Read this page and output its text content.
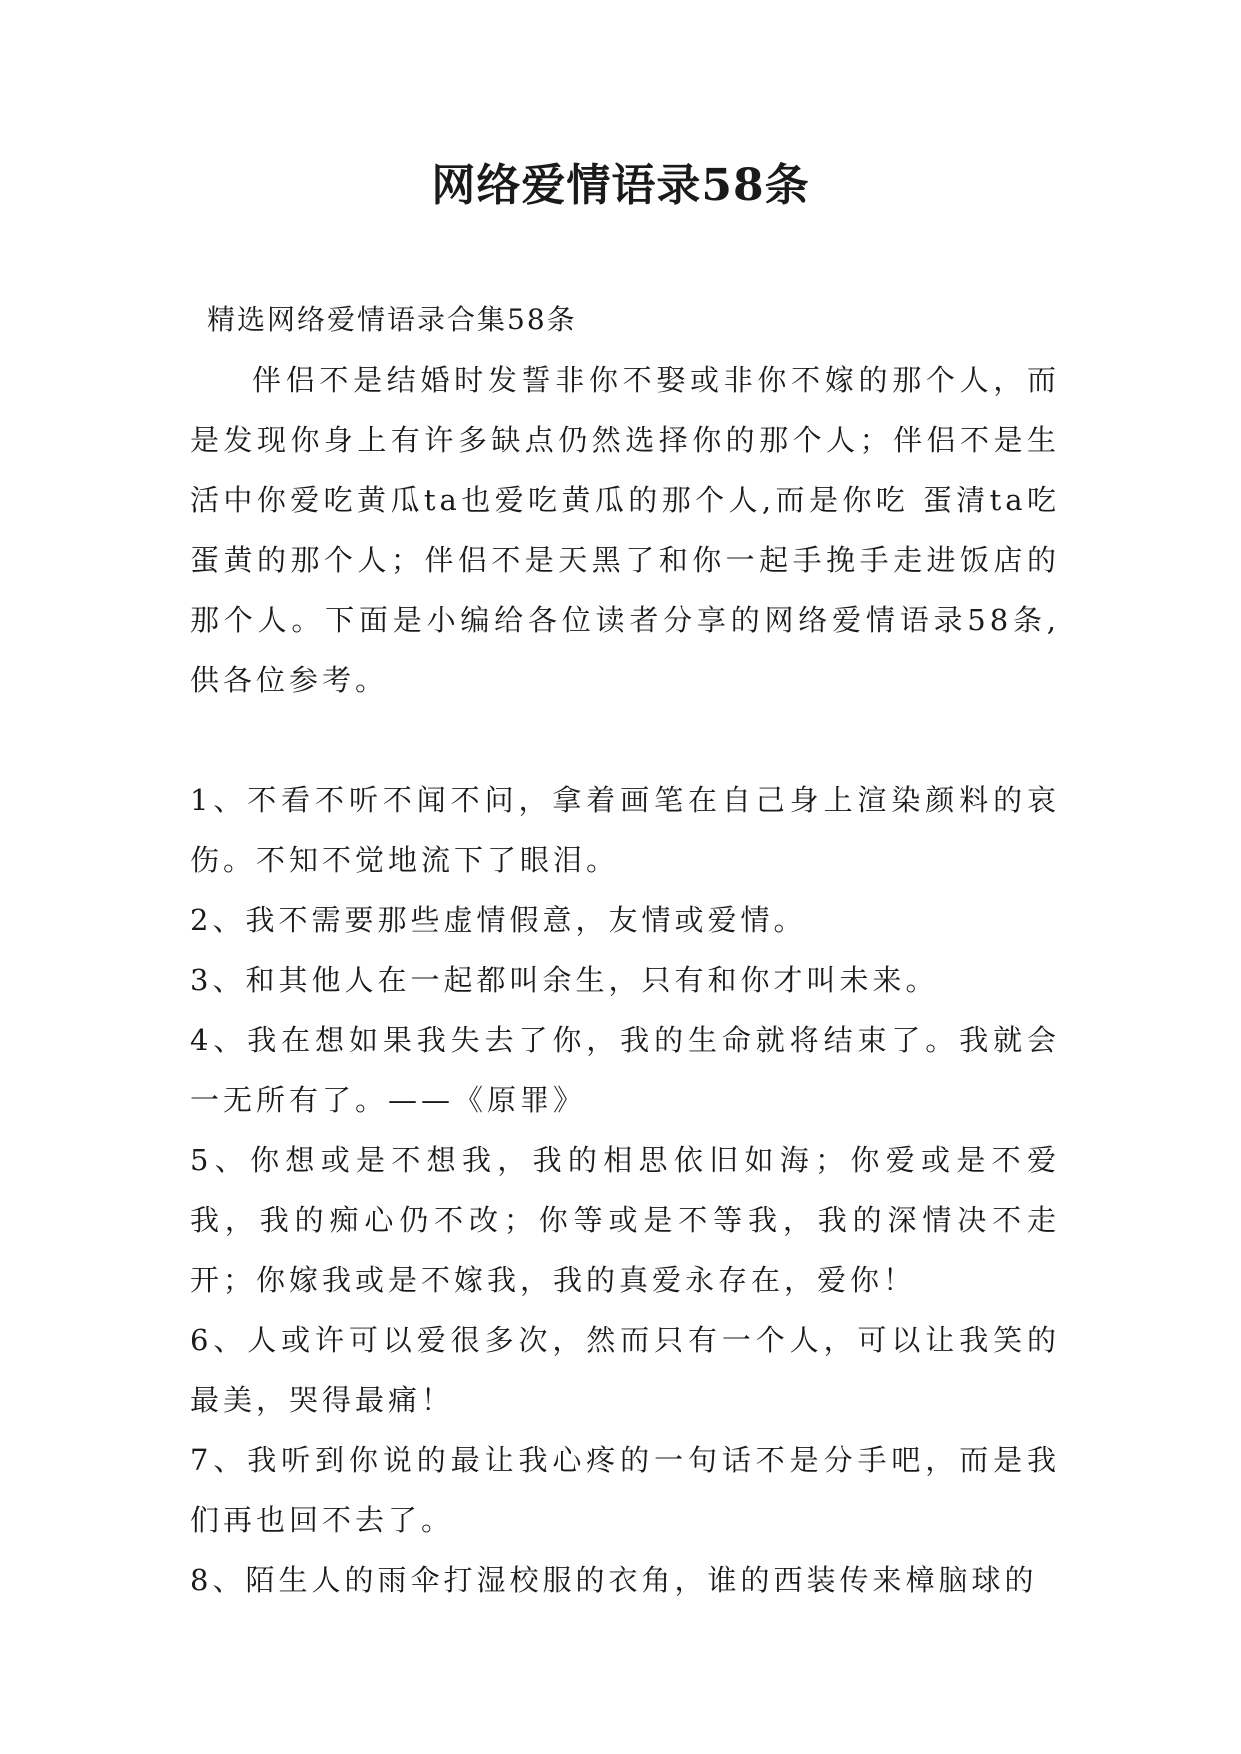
网络爱情语录58条

精选网络爱情语录合集58条

伴侣不是结婚时发誓非你不娶或非你不嫁的那个人，而是发现你身上有许多缺点仍然选择你的那个人；伴侣不是生活中你爱吃黄瓜ta也爱吃黄瓜的那个人,而是你吃 蛋清ta吃蛋黄的那个人；伴侣不是天黑了和你一起手挽手走进饭店的那个人。下面是小编给各位读者分享的网络爱情语录58条,供各位参考。

1、不看不听不闻不问，拿着画笔在自己身上渲染颜料的哀伤。不知不觉地流下了眼泪。

2、我不需要那些虚情假意，友情或爱情。

3、和其他人在一起都叫余生，只有和你才叫未来。

4、我在想如果我失去了你，我的生命就将结束了。我就会一无所有了。——《原罪》

5、你想或是不想我，我的相思依旧如海；你爱或是不爱我，我的痴心仍不改；你等或是不等我，我的深情决不走开；你嫁我或是不嫁我，我的真爱永存在，爱你！

6、人或许可以爱很多次，然而只有一个人，可以让我笑的最美，哭得最痛！

7、我听到你说的最让我心疼的一句话不是分手吧，而是我们再也回不去了。

8、陌生人的雨伞打湿校服的衣角，谁的西装传来樟脑球的
